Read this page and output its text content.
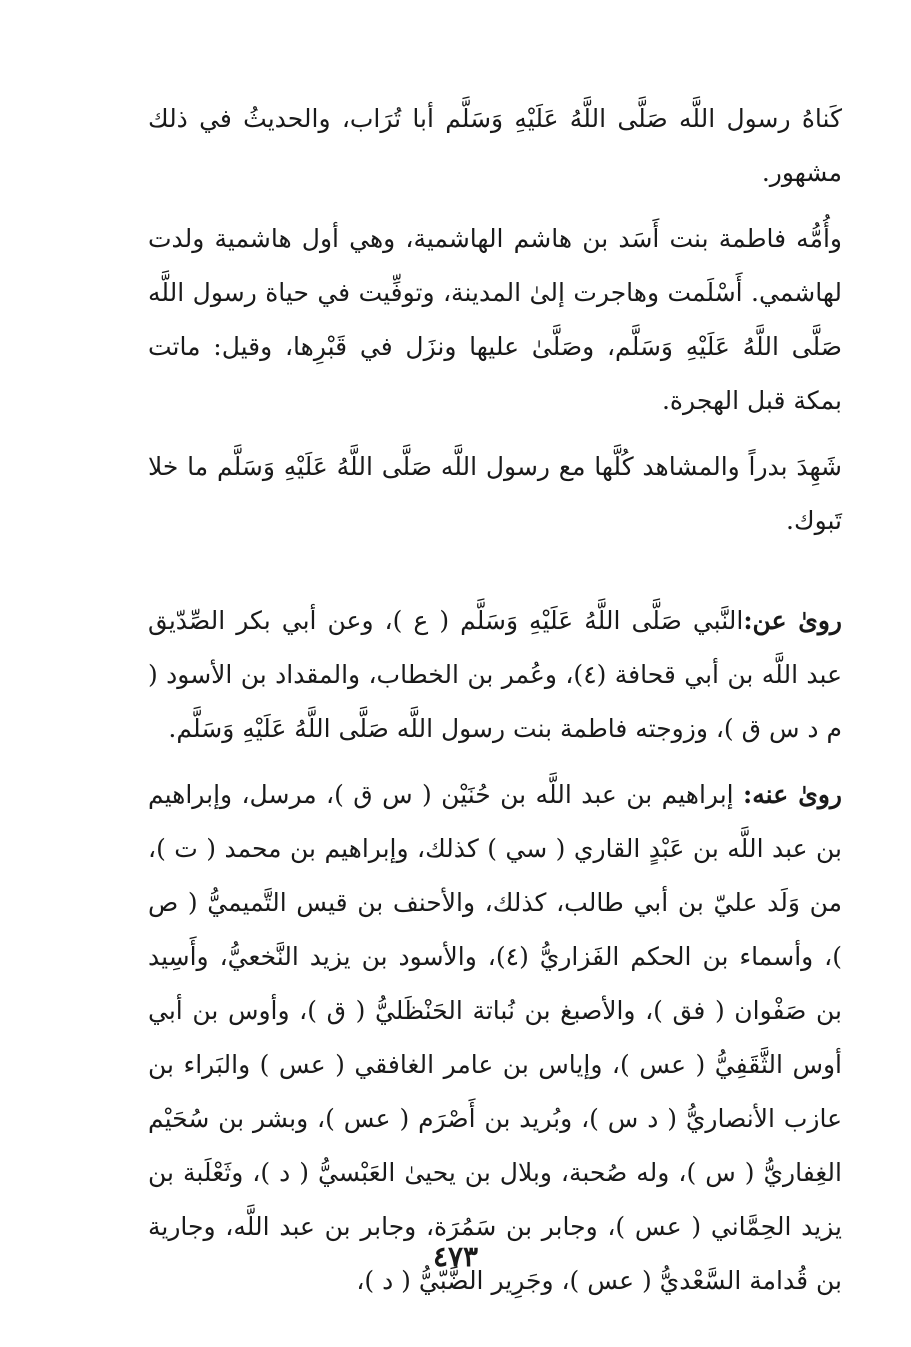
كَناهُ رسول اللَّه صَلَّى اللَّهُ عَلَيْهِ وَسَلَّم أبا تُرَاب، والحديثُ في ذلك مشهور.

وأُمُّه فاطمة بنت أَسَد بن هاشم الهاشمية، وهي أول هاشمية ولدت لهاشمي. أَسْلَمت وهاجرت إلىٰ المدينة، وتوفِّيت في حياة رسول اللَّه صَلَّى اللَّهُ عَلَيْهِ وَسَلَّم، وصَلَّىٰ عليها ونزَل في قَبْرِها، وقيل: ماتت بمكة قبل الهجرة.

شَهِدَ بدراً والمشاهد كُلَّها مع رسول اللَّه صَلَّى اللَّهُ عَلَيْهِ وَسَلَّم ما خلا تَبوك.

روىٰ عن:النَّبي صَلَّى اللَّهُ عَلَيْهِ وَسَلَّم ( ع )، وعن أبي بكر الصِّدّيق عبد اللَّه بن أبي قحافة (٤)، وعُمر بن الخطاب، والمقداد بن الأسود ( م د س ق )، وزوجته فاطمة بنت رسول اللَّه صَلَّى اللَّهُ عَلَيْهِ وَسَلَّم.

روىٰ عنه: إبراهيم بن عبد اللَّه بن حُنَيْن ( س ق )، مرسل، وإبراهيم بن عبد اللَّه بن عَبْدٍ القاري ( سي ) كذلك، وإبراهيم بن محمد ( ت )، من وَلَد عليّ بن أبي طالب، كذلك، والأحنف بن قيس التَّميميُّ ( ص )، وأسماء بن الحكم الفَزاريُّ (٤)، والأسود بن يزيد النَّخعيُّ، وأَسِيد بن صَفْوان ( فق )، والأصبغ بن نُباتة الحَنْظَليُّ ( ق )، وأوس بن أبي أوس الثَّقَفِيُّ ( عس )، وإياس بن عامر الغافقي ( عس ) والبَراء بن عازب الأنصاريُّ ( د س )، وبُريد بن أَصْرَم ( عس )، وبشر بن سُحَيْم الغِفاريُّ ( س )، وله صُحبة، وبلال بن يحيىٰ العَبْسيُّ ( د )، وثَعْلَبة بن يزيد الحِمَّاني ( عس )، وجابر بن سَمُرَة، وجابر بن عبد اللَّه، وجارية بن قُدامة السَّعْديُّ ( عس )، وجَرِير الضَّبّيُّ ( د )،

٤٧٣
